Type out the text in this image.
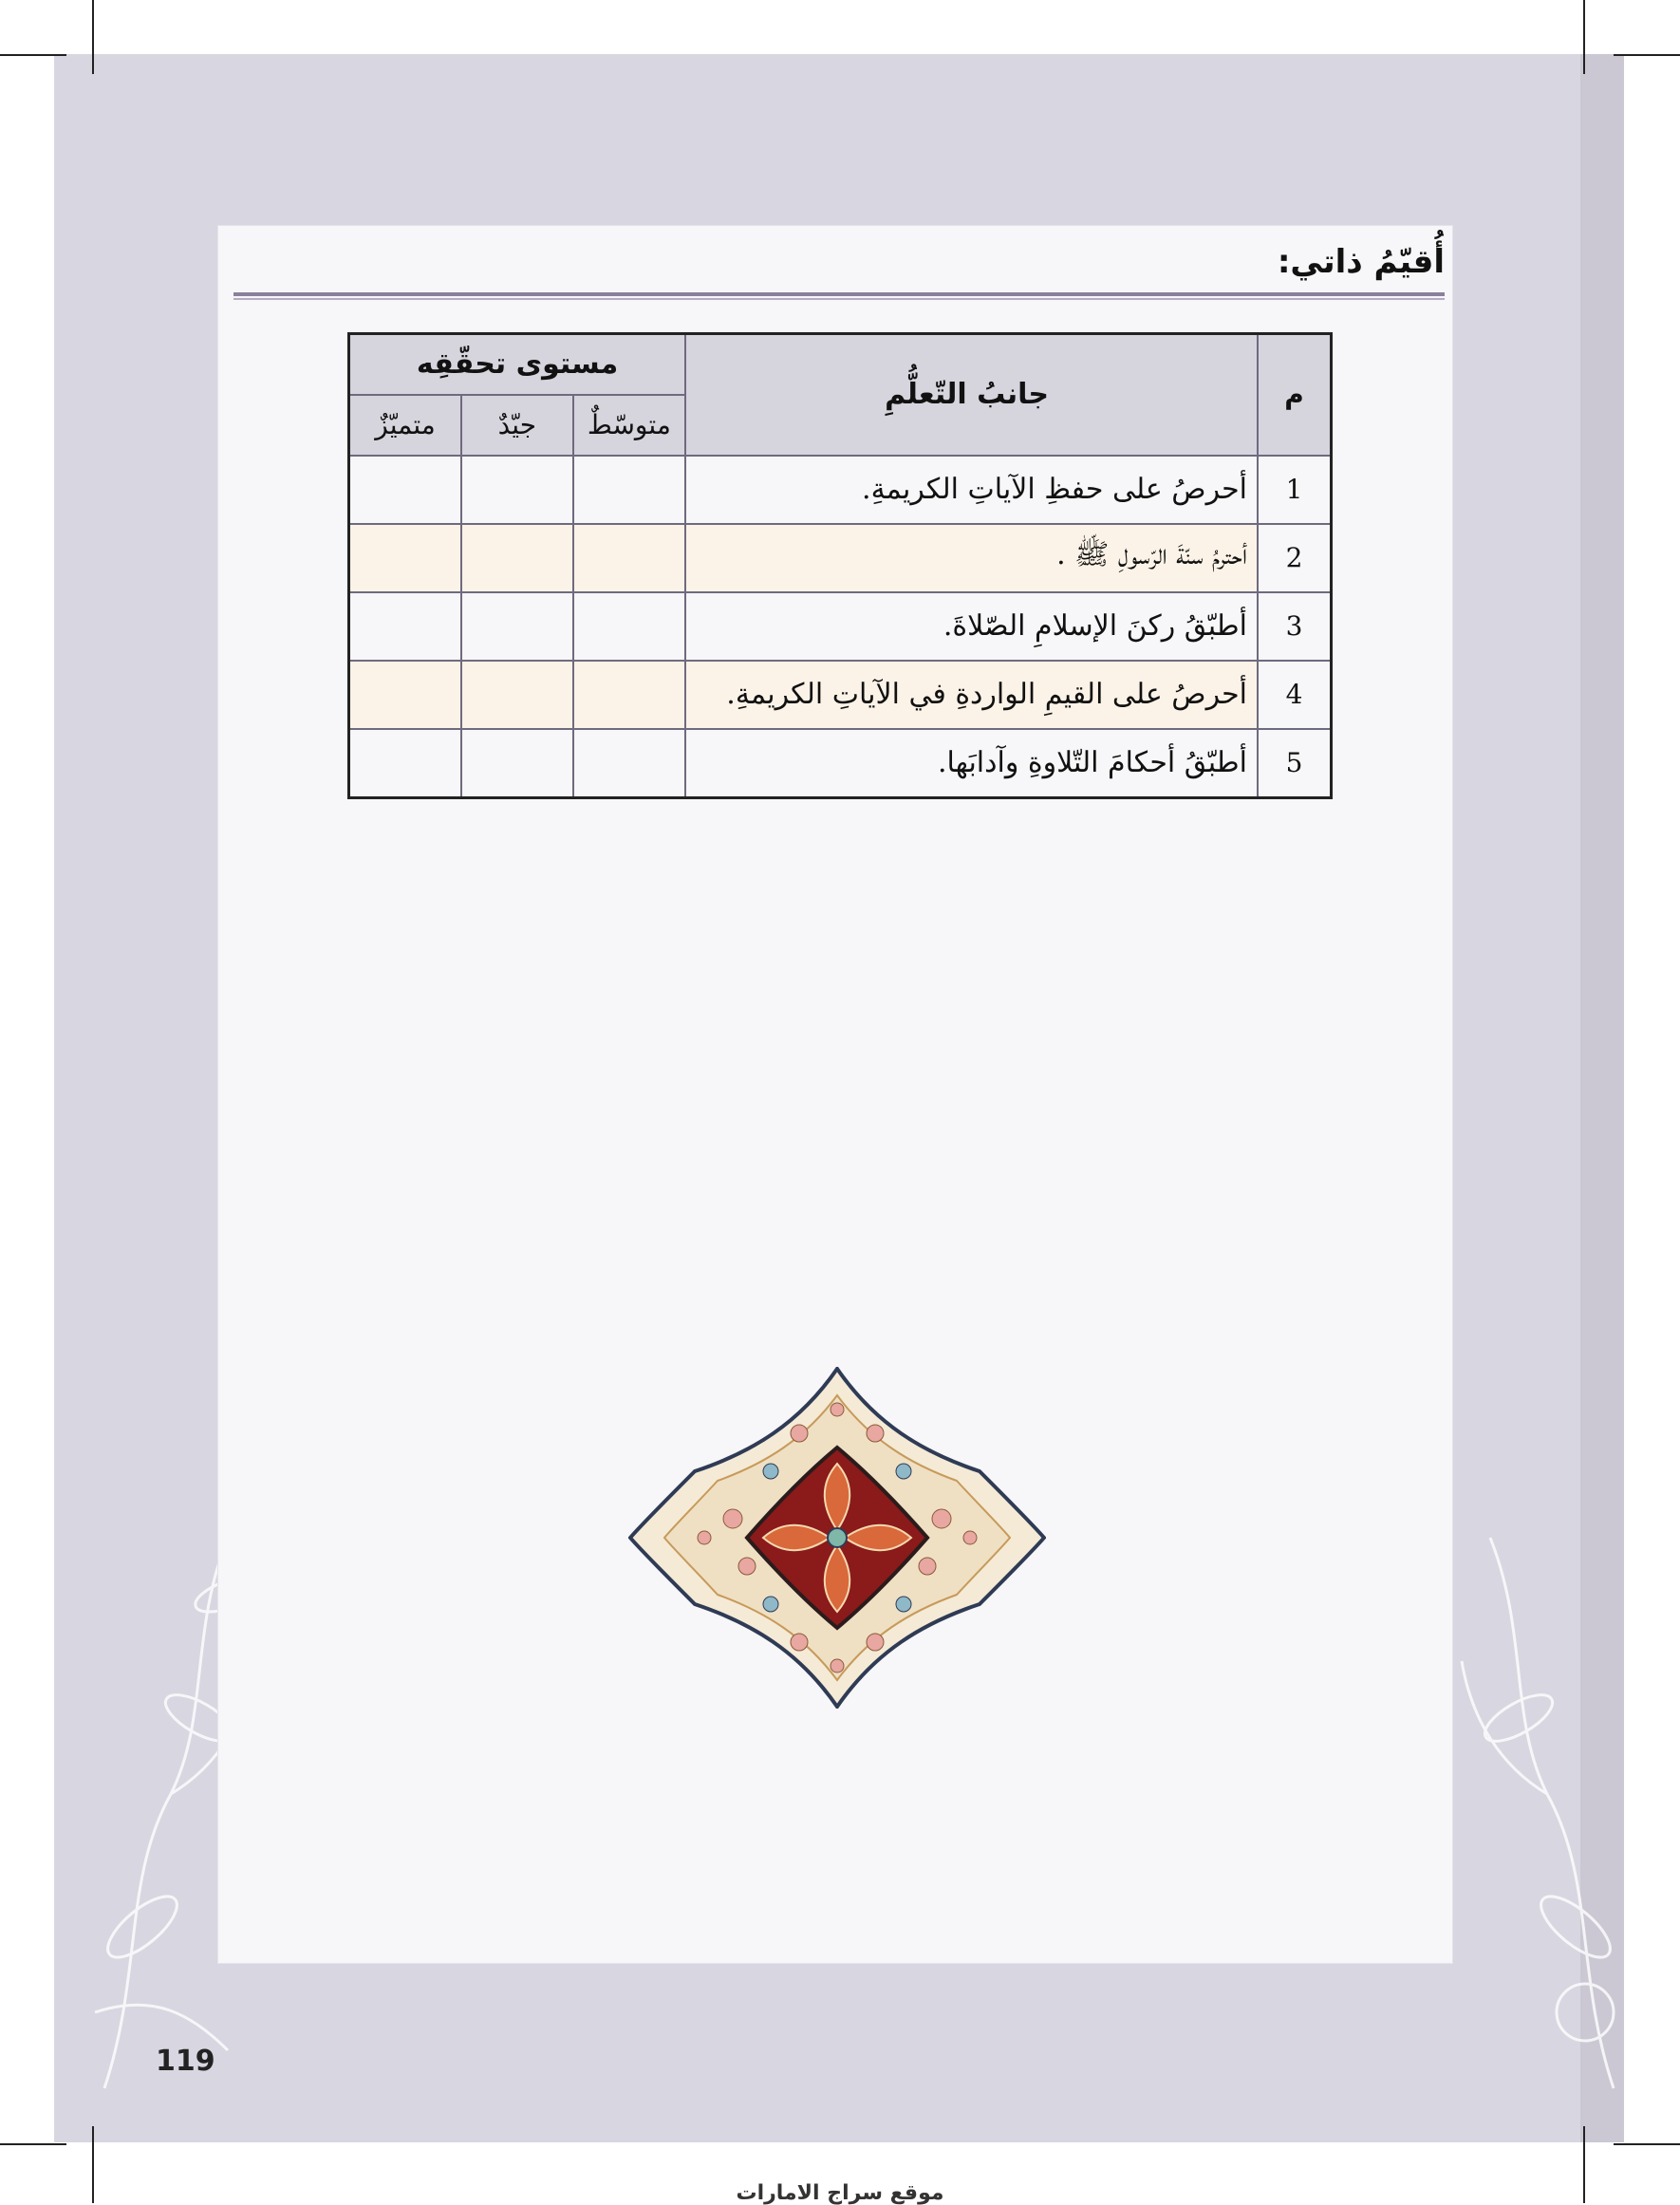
أُقيّمُ ذاتي:
م	جانبُ التّعلُّمِ	مستوى تحقّقِه		
		متوسّطٌ	جيّدٌ	متميّزٌ
1	أحرصُ على حفظِ الآياتِ الكريمةِ.			
2	أحترمُ سنّةَ الرّسولِ ﷺ .			
3	أطبّقُ ركنَ الإسلامِ الصّلاةَ.			
4	أحرصُ على القيمِ الواردةِ في الآياتِ الكريمةِ.			
5	أطبّقُ أحكامَ التّلاوةِ وآدابَها.			
119
موقع سراج الامارات
